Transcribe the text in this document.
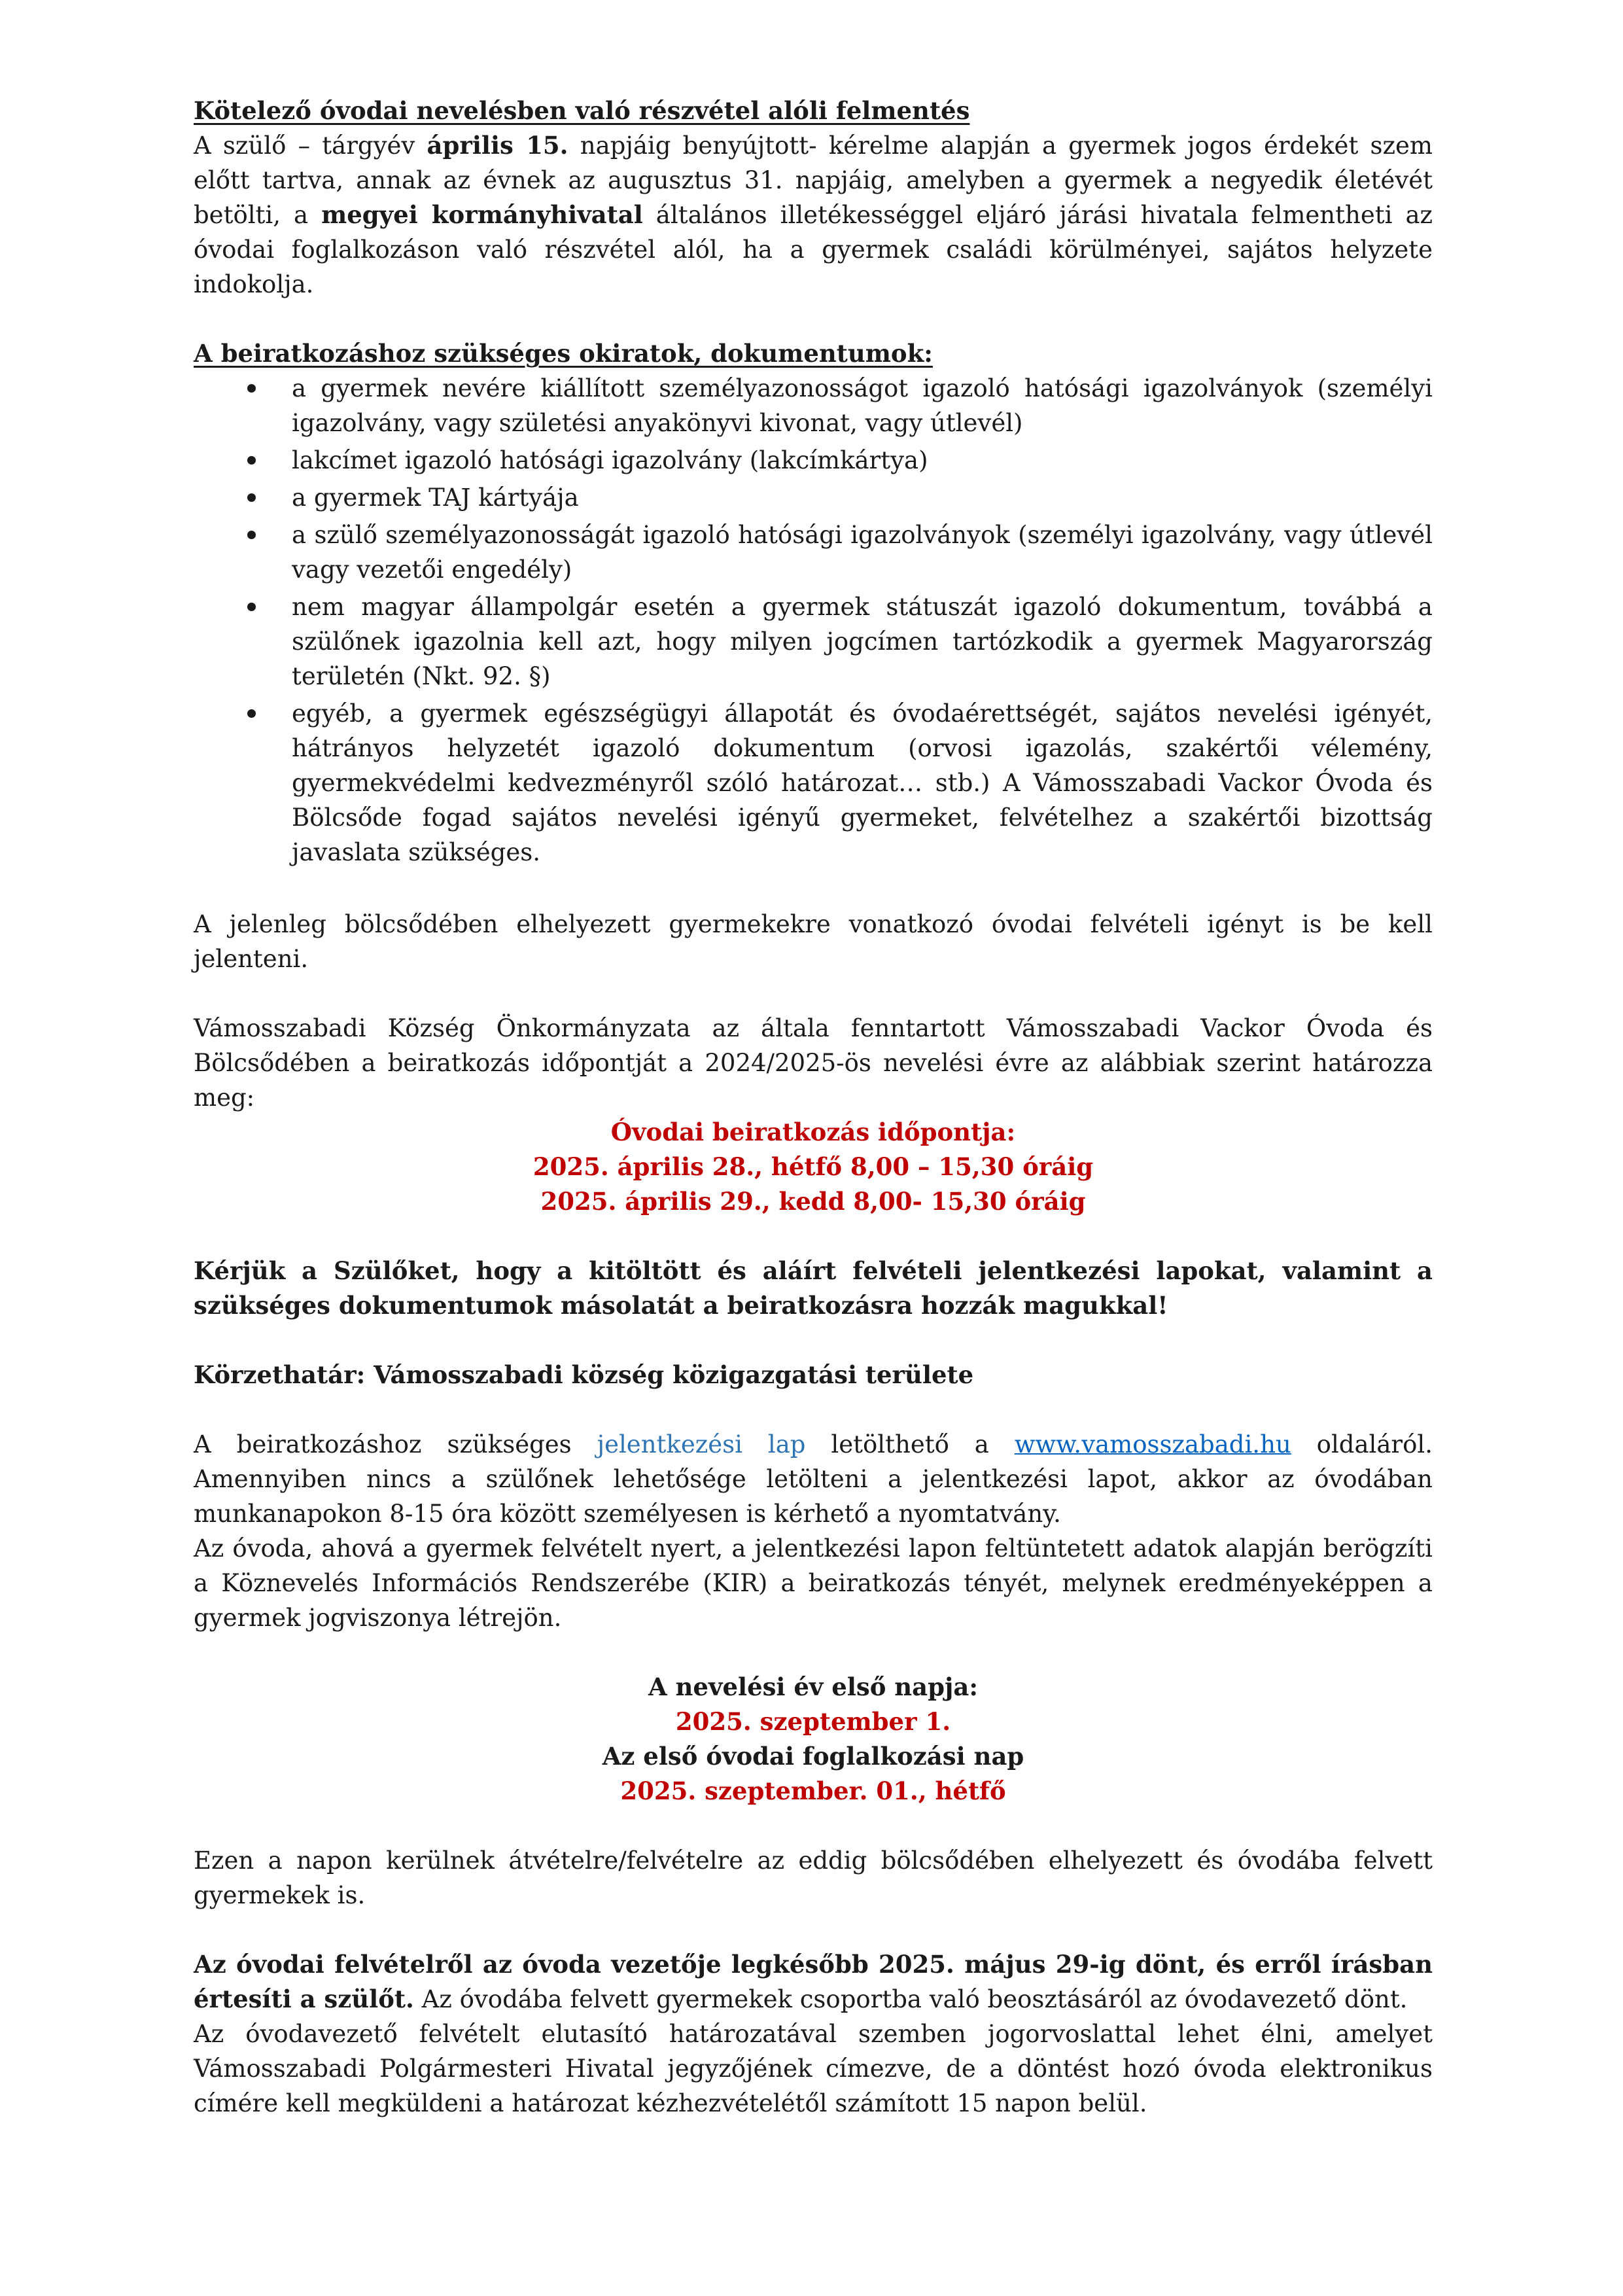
Kötelező óvodai nevelésben való részvétel alóli felmentés

A szülő – tárgyév április 15. napjáig benyújtott- kérelme alapján a gyermek jogos érdekét szem előtt tartva, annak az évnek az augusztus 31. napjáig, amelyben a gyermek a negyedik életévét betölti, a megyei kormányhivatal általános illetékességgel eljáró járási hivatala felmentheti az óvodai foglalkozáson való részvétel alól, ha a gyermek családi körülményei, sajátos helyzete indokolja.

A beiratkozáshoz szükséges okiratok, dokumentumok:

a gyermek nevére kiállított személyazonosságot igazoló hatósági igazolványok (személyi igazolvány, vagy születési anyakönyvi kivonat, vagy útlevél)
lakcímet igazoló hatósági igazolvány (lakcímkártya)
a gyermek TAJ kártyája
a szülő személyazonosságát igazoló hatósági igazolványok (személyi igazolvány, vagy útlevél vagy vezetői engedély)
nem magyar állampolgár esetén a gyermek státuszát igazoló dokumentum, továbbá a szülőnek igazolnia kell azt, hogy milyen jogcímen tartózkodik a gyermek Magyarország területén (Nkt. 92. §)
egyéb, a gyermek egészségügyi állapotát és óvodaérettségét, sajátos nevelési igényét, hátrányos helyzetét igazoló dokumentum (orvosi igazolás, szakértői vélemény, gyermekvédelmi kedvezményről szóló határozat… stb.) A Vámosszabadi Vackor Óvoda és Bölcsőde fogad sajátos nevelési igényű gyermeket, felvételhez a szakértői bizottság javaslata szükséges.

A jelenleg bölcsődében elhelyezett gyermekekre vonatkozó óvodai felvételi igényt is be kell jelenteni.

Vámosszabadi Község Önkormányzata az általa fenntartott Vámosszabadi Vackor Óvoda és Bölcsődében a beiratkozás időpontját a 2024/2025-ös nevelési évre az alábbiak szerint határozza meg:

Óvodai beiratkozás időpontja:

2025. április 28., hétfő 8,00 – 15,30 óráig

2025. április 29., kedd 8,00- 15,30 óráig

Kérjük a Szülőket, hogy a kitöltött és aláírt felvételi jelentkezési lapokat, valamint a szükséges dokumentumok másolatát a beiratkozásra hozzák magukkal!

Körzethatár: Vámosszabadi község közigazgatási területe

A beiratkozáshoz szükséges jelentkezési lap letölthető a www.vamosszabadi.hu oldaláról. Amennyiben nincs a szülőnek lehetősége letölteni a jelentkezési lapot, akkor az óvodában munkanapokon 8-15 óra között személyesen is kérhető a nyomtatvány.

Az óvoda, ahová a gyermek felvételt nyert, a jelentkezési lapon feltüntetett adatok alapján berögzíti a Köznevelés Információs Rendszerébe (KIR) a beiratkozás tényét, melynek eredményeképpen a gyermek jogviszonya létrejön.

A nevelési év első napja:

2025. szeptember 1.

Az első óvodai foglalkozási nap

2025. szeptember. 01., hétfő

Ezen a napon kerülnek átvételre/felvételre az eddig bölcsődében elhelyezett és óvodába felvett gyermekek is.

Az óvodai felvételről az óvoda vezetője legkésőbb 2025. május 29-ig dönt, és erről írásban értesíti a szülőt. Az óvodába felvett gyermekek csoportba való beosztásáról az óvodavezető dönt.

Az óvodavezető felvételt elutasító határozatával szemben jogorvoslattal lehet élni, amelyet Vámosszabadi Polgármesteri Hivatal jegyzőjének címezve, de a döntést hozó óvoda elektronikus címére kell megküldeni a határozat kézhezvételétől számított 15 napon belül.
